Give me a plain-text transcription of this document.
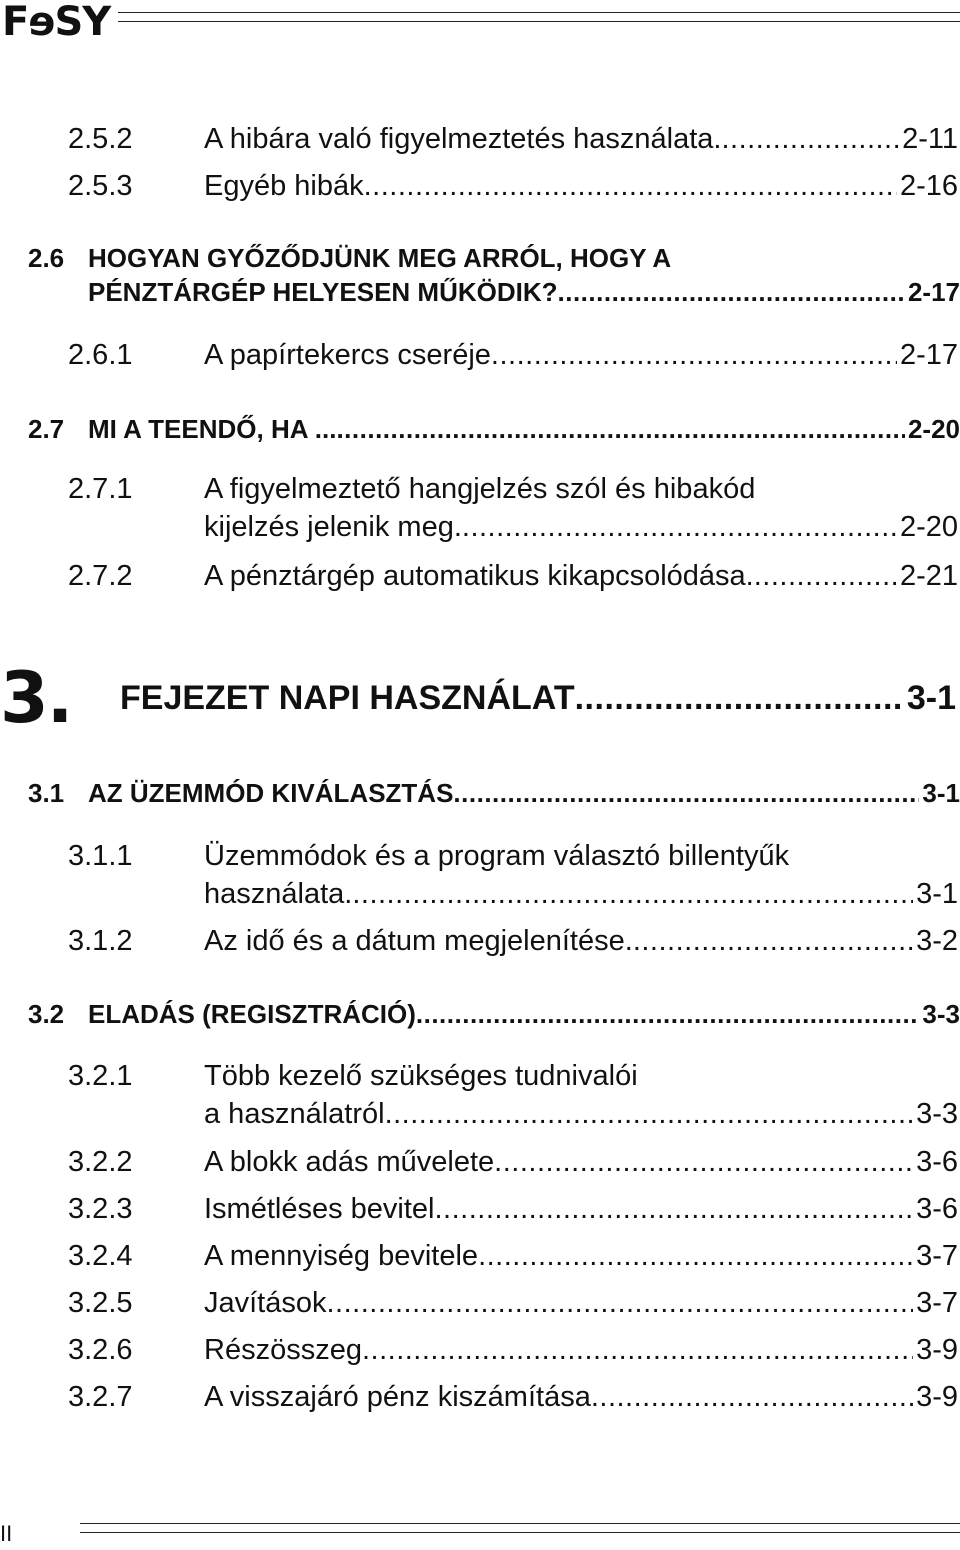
FɘSY
2.5.2 A hibára való figyelmeztetés használata. .....	2-11
2.5.3 Egyéb hibák .....	2-16
2.6 HOGYAN GYŐZŐDJÜNK MEG ARRÓL, HOGY A
PÉNZTÁRGÉP HELYESEN MŰKÖDIK? .....	2-17
2.6.1 A papírtekercs cseréje .....	2-17
2.7 MI A TEENDŐ, HA ... .....	2-20
2.7.1 A figyelmeztető hangjelzés szól és hibakód
kijelzés jelenik meg. .....	2-20
2.7.2 A pénztárgép automatikus kikapcsolódása. .....	2-21
3. FEJEZET NAPI HASZNÁLAT .....	3-1
3.1 AZ ÜZEMMÓD KIVÁLASZTÁS .....	3-1
3.1.1 Üzemmódok és a program választó billentyűk
használata. .....	3-1
3.1.2 Az idő és a dátum megjelenítése. .....	3-2
3.2 ELADÁS (REGISZTRÁCIÓ) .....	3-3
3.2.1 Több kezelő szükséges tudnivalói
a használatról .....	3-3
3.2.2 A blokk adás művelete .....	3-6
3.2.3 Ismétléses bevitel .....	3-6
3.2.4 A mennyiség bevitele .....	3-7
3.2.5 Javítások .....	3-7
3.2.6 Részösszeg .....	3-9
3.2.7 A visszajáró pénz kiszámítása .....	3-9
II
